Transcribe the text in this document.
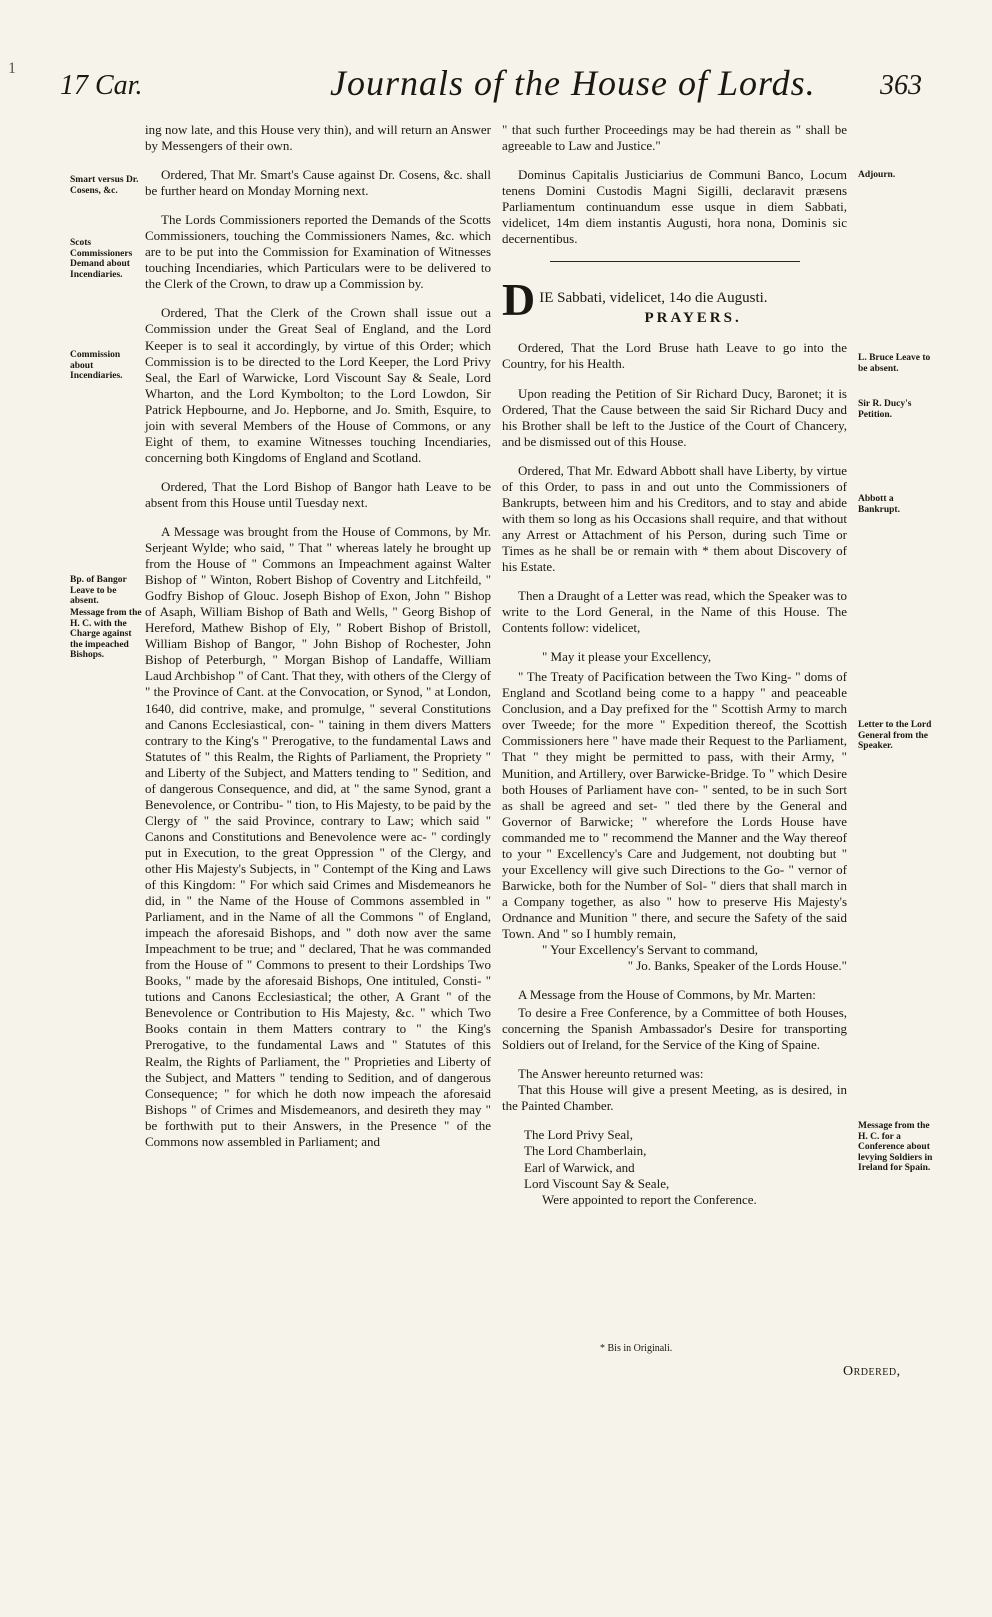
1
17 Car.	Journals of the House of Lords. 363
Smart versus Dr. Cosens, &c.
Scots Commissioners Demand about Incendiaries.
Commission about Incendiaries.
Bp. of Bangor Leave to be absent.
Message from the H. C. with the Charge against the impeached Bishops.
Adjourn.
L. Bruce Leave to be absent.
Sir R. Ducy's Petition.
Abbott a Bankrupt.
Letter to the Lord General from the Speaker.
Message from the H. C. for a Conference about levying Soldiers in Ireland for Spain.

ing now late, and this House very thin), and will return an Answer by Messengers of their own.

Ordered, That Mr. Smart's Cause against Dr. Cosens, &c. shall be further heard on Monday Morning next.

The Lords Commissioners reported the Demands of the Scotts Commissioners, touching the Commissioners Names, &c. which are to be put into the Commission for Examination of Witnesses touching Incendiaries, which Particulars were to be delivered to the Clerk of the Crown, to draw up a Commission by.

Ordered, That the Clerk of the Crown shall issue out a Commission under the Great Seal of England, and the Lord Keeper is to seal it accordingly, by virtue of this Order; which Commission is to be directed to the Lord Keeper, the Lord Privy Seal, the Earl of Warwicke, Lord Viscount Say & Seale, Lord Wharton, and the Lord Kymbolton; to the Lord Lowdon, Sir Patrick Hepbourne, and Jo. Hepborne, and Jo. Smith, Esquire, to join with several Members of the House of Commons, or any Eight of them, to examine Witnesses touching Incendiaries, concerning both Kingdoms of England and Scotland.

Ordered, That the Lord Bishop of Bangor hath Leave to be absent from this House until Tuesday next.

A Message was brought from the House of Commons, by Mr. Serjeant Wylde; who said, " That " whereas lately he brought up from the House of " Commons an Impeachment against Walter Bishop of " Winton, Robert Bishop of Coventry and Litchfeild, " Godfry Bishop of Glouc. Joseph Bishop of Exon, John " Bishop of Asaph, William Bishop of Bath and Wells, " Georg Bishop of Hereford, Mathew Bishop of Ely, " Robert Bishop of Bristoll, William Bishop of Bangor, " John Bishop of Rochester, John Bishop of Peterburgh, " Morgan Bishop of Landaffe, William Laud Archbishop " of Cant. That they, with others of the Clergy of " the Province of Cant. at the Convocation, or Synod, " at London, 1640, did contrive, make, and promulge, " several Constitutions and Canons Ecclesiastical, con- " taining in them divers Matters contrary to the King's " Prerogative, to the fundamental Laws and Statutes of " this Realm, the Rights of Parliament, the Propriety " and Liberty of the Subject, and Matters tending to " Sedition, and of dangerous Consequence, and did, at " the same Synod, grant a Benevolence, or Contribu- " tion, to His Majesty, to be paid by the Clergy of " the said Province, contrary to Law; which said " Canons and Constitutions and Benevolence were ac- " cordingly put in Execution, to the great Oppression " of the Clergy, and other His Majesty's Subjects, in " Contempt of the King and Laws of this Kingdom: " For which said Crimes and Misdemeanors he did, in " the Name of the House of Commons assembled in " Parliament, and in the Name of all the Commons " of England, impeach the aforesaid Bishops, and " doth now aver the same Impeachment to be true; and " declared, That he was commanded from the House of " Commons to present to their Lordships Two Books, " made by the aforesaid Bishops, One intituled, Consti- " tutions and Canons Ecclesiastical; the other, A Grant " of the Benevolence or Contribution to His Majesty, &c. " which Two Books contain in them Matters contrary to " the King's Prerogative, to the fundamental Laws and " Statutes of this Realm, the Rights of Parliament, the " Proprieties and Liberty of the Subject, and Matters " tending to Sedition, and of dangerous Consequence; " for which he doth now impeach the aforesaid Bishops " of Crimes and Misdemeanors, and desireth they may " be forthwith put to their Answers, in the Presence " of the Commons now assembled in Parliament; and

" that such further Proceedings may be had therein as " shall be agreeable to Law and Justice."

Dominus Capitalis Justiciarius de Communi Banco, Locum tenens Domini Custodis Magni Sigilli, declaravit præsens Parliamentum continuandum esse usque in diem Sabbati, videlicet, 14m diem instantis Augusti, hora nona, Dominis sic decernentibus.

D IE Sabbati, videlicet, 14o die Augusti.
PRAYERS.

Ordered, That the Lord Bruse hath Leave to go into the Country, for his Health.

Upon reading the Petition of Sir Richard Ducy, Baronet; it is Ordered, That the Cause between the said Sir Richard Ducy and his Brother shall be left to the Justice of the Court of Chancery, and be dismissed out of this House.

Ordered, That Mr. Edward Abbott shall have Liberty, by virtue of this Order, to pass in and out unto the Commissioners of Bankrupts, between him and his Creditors, and to stay and abide with them so long as his Occasions shall require, and that without any Arrest or Attachment of his Person, during such Time or Times as he shall be or remain with * them about Discovery of his Estate.

Then a Draught of a Letter was read, which the Speaker was to write to the Lord General, in the Name of this House. The Contents follow: videlicet,

" May it please your Excellency,

" The Treaty of Pacification between the Two King- " doms of England and Scotland being come to a happy " and peaceable Conclusion, and a Day prefixed for the " Scottish Army to march over Tweede; for the more " Expedition thereof, the Scottish Commissioners here " have made their Request to the Parliament, That " they might be permitted to pass, with their Army, " Munition, and Artillery, over Barwicke-Bridge. To " which Desire both Houses of Parliament have con- " sented, to be in such Sort as shall be agreed and set- " tled there by the General and Governor of Barwicke; " wherefore the Lords House have commanded me to " recommend the Manner and the Way thereof to your " Excellency's Care and Judgement, not doubting but " your Excellency will give such Directions to the Go- " vernor of Barwicke, both for the Number of Sol- " diers that shall march in a Company together, as also " how to preserve His Majesty's Ordnance and Munition " there, and secure the Safety of the said Town. And " so I humbly remain,

" Your Excellency's Servant to command,

" Jo. Banks, Speaker of the Lords House."

A Message from the House of Commons, by Mr. Marten:

To desire a Free Conference, by a Committee of both Houses, concerning the Spanish Ambassador's Desire for transporting Soldiers out of Ireland, for the Service of the King of Spaine.

The Answer hereunto returned was:

That this House will give a present Meeting, as is desired, in the Painted Chamber.

The Lord Privy Seal,
The Lord Chamberlain,
Earl of Warwick, and
Lord Viscount Say & Seale,

Were appointed to report the Conference.

* Bis in Originali.
Ordered,
